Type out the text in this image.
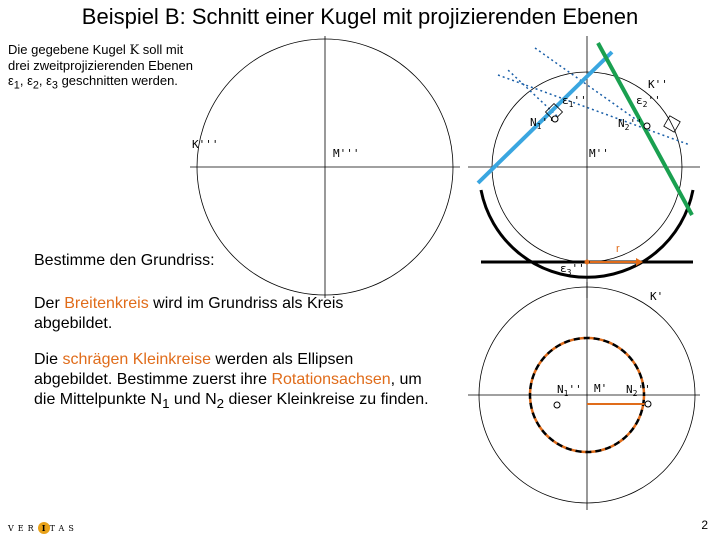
Beispiel B: Schnitt einer Kugel mit projizierenden Ebenen
Die gegebene Kugel K soll mit
drei zweitprojizierenden Ebenen
$\varepsilon_1$, $\varepsilon_2$, $\varepsilon_3$ geschnitten werden.
Bestimme den Grundriss:
Der Breitenkreis wird im Grundriss als Kreis abgebildet.
Die schrägen Kleinkreise werden als Ellipsen abgebildet. Bestimme zuerst ihre Rotationsachsen, um die Mittelpunkte $N_1$ und $N_2$ dieser Kleinkreise zu finden.
K'''
M'''
K''
M''
$\varepsilon_1''$	$\varepsilon_2''$
$N_1''$	$N_2''$
r
$\varepsilon_3''$
K'
M'
$N_1''$	$N_2''$
VER I TAS	2
